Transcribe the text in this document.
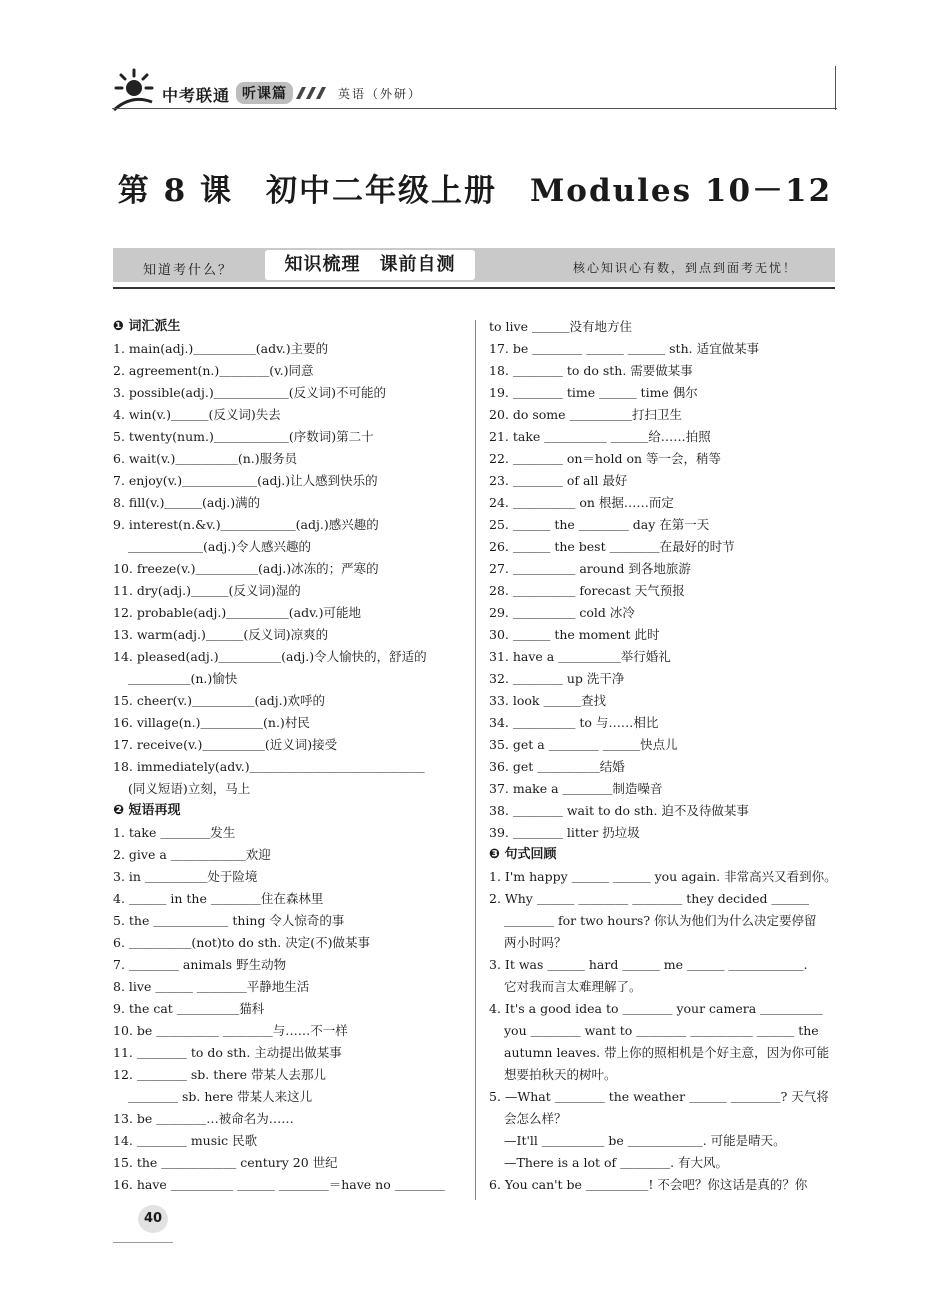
中考联通 听课篇	英语（外研）
第 8 课　初中二年级上册　Modules 10－12
知道考什么？	知识梳理　课前自测	核心知识心有数，到点到面考无忧！
❶ 词汇派生
1. main(adj.)＿＿＿＿＿(adv.)主要的
2. agreement(n.)＿＿＿＿(v.)同意
3. possible(adj.)＿＿＿＿＿＿(反义词)不可能的
4. win(v.)＿＿＿(反义词)失去
5. twenty(num.)＿＿＿＿＿＿(序数词)第二十
6. wait(v.)＿＿＿＿＿(n.)服务员
7. enjoy(v.)＿＿＿＿＿＿(adj.)让人感到快乐的
8. fill(v.)＿＿＿(adj.)满的
9. interest(n.&v.)＿＿＿＿＿＿(adj.)感兴趣的
＿＿＿＿＿＿(adj.)令人感兴趣的
10. freeze(v.)＿＿＿＿＿(adj.)冰冻的；严寒的
11. dry(adj.)＿＿＿(反义词)湿的
12. probable(adj.)＿＿＿＿＿(adv.)可能地
13. warm(adj.)＿＿＿(反义词)凉爽的
14. pleased(adj.)＿＿＿＿＿(adj.)令人愉快的，舒适的
＿＿＿＿＿(n.)愉快
15. cheer(v.)＿＿＿＿＿(adj.)欢呼的
16. village(n.)＿＿＿＿＿(n.)村民
17. receive(v.)＿＿＿＿＿(近义词)接受
18. immediately(adv.)＿＿＿＿＿＿＿＿＿＿＿＿＿＿
(同义短语)立刻，马上
❷ 短语再现
1. take ＿＿＿＿发生
2. give a ＿＿＿＿＿＿欢迎
3. in ＿＿＿＿＿处于险境
4. ＿＿＿ in the ＿＿＿＿住在森林里
5. the ＿＿＿＿＿＿ thing 令人惊奇的事
6. ＿＿＿＿＿(not)to do sth. 决定(不)做某事
7. ＿＿＿＿ animals 野生动物
8. live ＿＿＿ ＿＿＿＿平静地生活
9. the cat ＿＿＿＿＿猫科
10. be ＿＿＿＿＿ ＿＿＿＿与……不一样
11. ＿＿＿＿ to do sth. 主动提出做某事
12. ＿＿＿＿ sb. there 带某人去那儿
＿＿＿＿ sb. here 带某人来这儿
13. be ＿＿＿＿…被命名为……
14. ＿＿＿＿ music 民歌
15. the ＿＿＿＿＿＿ century 20 世纪
16. have ＿＿＿＿＿ ＿＿＿ ＿＿＿＿＝have no ＿＿＿＿
to live ＿＿＿没有地方住
17. be ＿＿＿＿ ＿＿＿ ＿＿＿ sth. 适宜做某事
18. ＿＿＿＿ to do sth. 需要做某事
19. ＿＿＿＿ time ＿＿＿ time 偶尔
20. do some ＿＿＿＿＿打扫卫生
21. take ＿＿＿＿＿ ＿＿＿给……拍照
22. ＿＿＿＿ on＝hold on 等一会，稍等
23. ＿＿＿＿ of all 最好
24. ＿＿＿＿＿ on 根据……而定
25. ＿＿＿ the ＿＿＿＿ day 在第一天
26. ＿＿＿ the best ＿＿＿＿在最好的时节
27. ＿＿＿＿＿ around 到各地旅游
28. ＿＿＿＿＿ forecast 天气预报
29. ＿＿＿＿＿ cold 冰冷
30. ＿＿＿ the moment 此时
31. have a ＿＿＿＿＿举行婚礼
32. ＿＿＿＿ up 洗干净
33. look ＿＿＿查找
34. ＿＿＿＿＿ to 与……相比
35. get a ＿＿＿＿ ＿＿＿快点儿
36. get ＿＿＿＿＿结婚
37. make a ＿＿＿＿制造噪音
38. ＿＿＿＿ wait to do sth. 迫不及待做某事
39. ＿＿＿＿ litter 扔垃圾
❸ 句式回顾
1. I'm happy ＿＿＿ ＿＿＿ you again. 非常高兴又看到你。
2. Why ＿＿＿ ＿＿＿＿ ＿＿＿＿ they decided ＿＿＿
＿＿＿＿ for two hours? 你认为他们为什么决定要停留
两小时吗？
3. It was ＿＿＿ hard ＿＿＿ me ＿＿＿ ＿＿＿＿＿＿.
它对我而言太难理解了。
4. It's a good idea to ＿＿＿＿ your camera ＿＿＿＿＿
you ＿＿＿＿ want to ＿＿＿＿ ＿＿＿＿＿ ＿＿＿ the
autumn leaves. 带上你的照相机是个好主意，因为你可能
想要拍秋天的树叶。
5. —What ＿＿＿＿ the weather ＿＿＿ ＿＿＿＿? 天气将
会怎么样？
—It'll ＿＿＿＿＿ be ＿＿＿＿＿＿. 可能是晴天。
—There is a lot of ＿＿＿＿. 有大风。
6. You can't be ＿＿＿＿＿! 不会吧？你这话是真的？你
40
